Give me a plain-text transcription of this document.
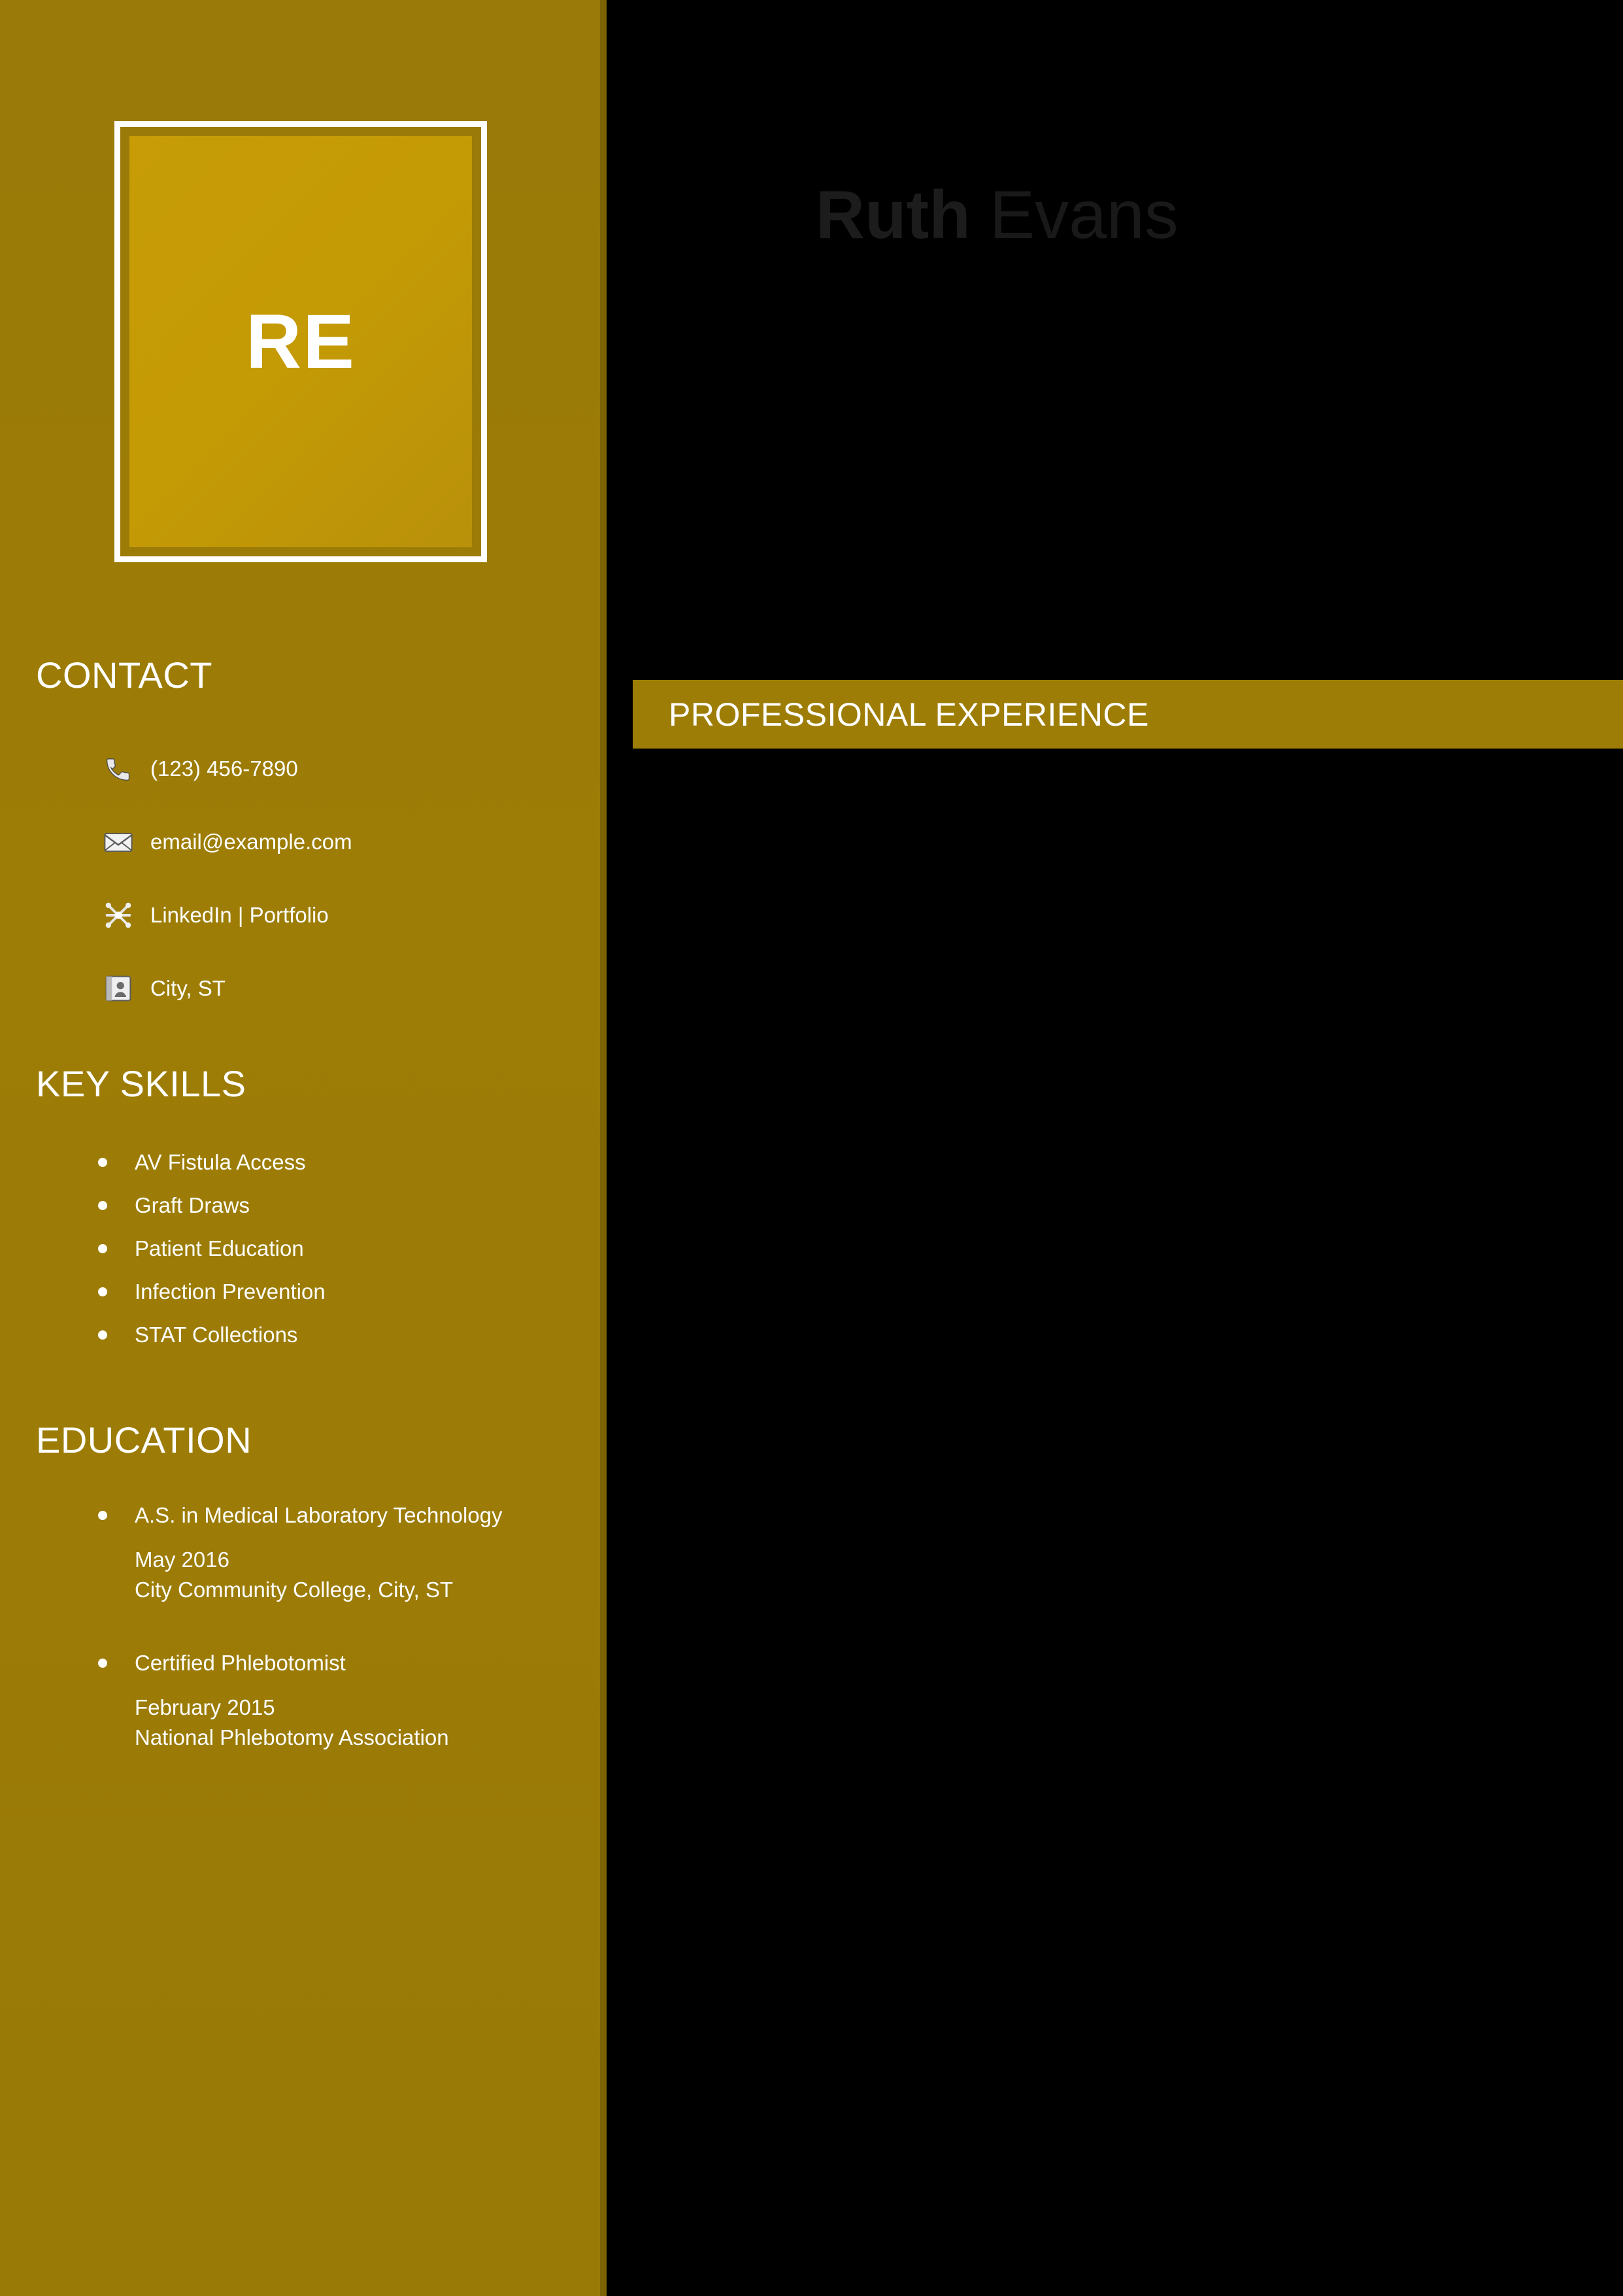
RE
CONTACT
(123) 456-7890
email@example.com
LinkedIn | Portfolio
City, ST
KEY SKILLS
AV Fistula Access
Graft Draws
Patient Education
Infection Prevention
STAT Collections
EDUCATION
A.S. in Medical Laboratory Technology
May 2016
City Community College, City, ST
Certified Phlebotomist
February 2015
National Phlebotomy Association
Ruth Evans
PROFESSIONAL EXPERIENCE
